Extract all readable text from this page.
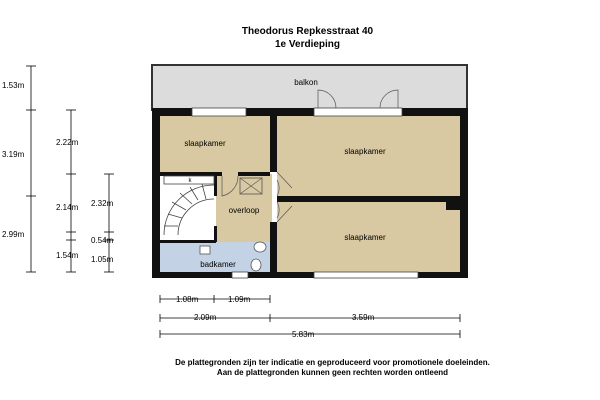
Theodorus Repkesstraat 40
1e Verdieping
balkon
k
slaapkamer
slaapkamer
slaapkamer
overloop
badkamer
1.53m
3.19m
2.99m
2.22m
2.14m
1.54m
2.32m
0.54m
1.05m
1.08m	1.09m
2.09m	3.59m
5.83m
De plattegronden zijn ter indicatie en geproduceerd voor promotionele doeleinden.
Aan de plattegronden kunnen geen rechten worden ontleend
